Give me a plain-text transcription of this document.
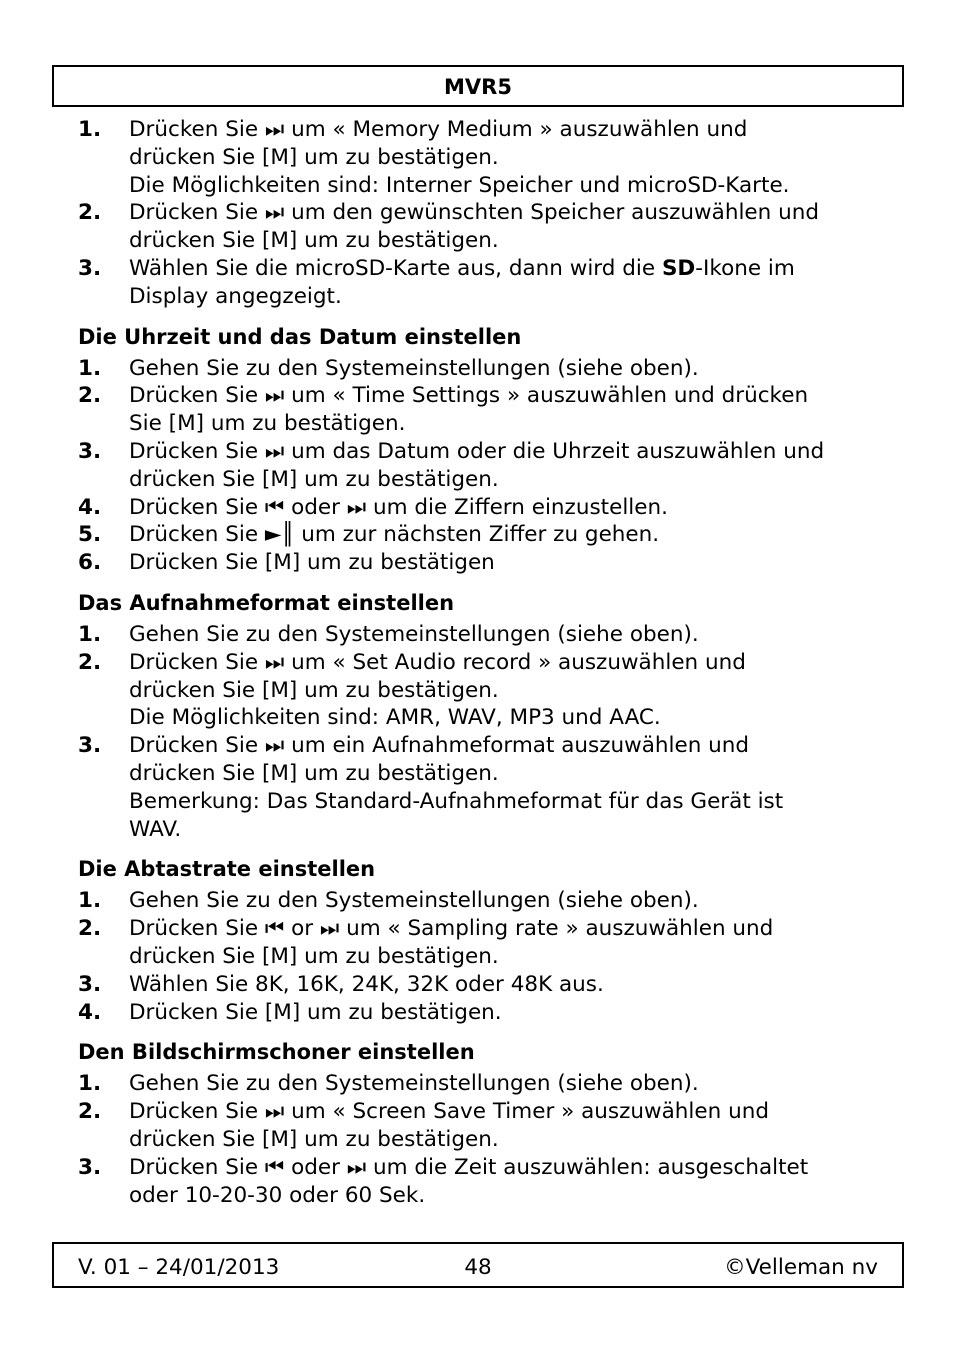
MVR5
1. Drücken Sie ⏭ um « Memory Medium » auszuwählen und
drücken Sie [M] um zu bestätigen.
Die Möglichkeiten sind: Interner Speicher und microSD-Karte.
2. Drücken Sie ⏭ um den gewünschten Speicher auszuwählen und
drücken Sie [M] um zu bestätigen.
3. Wählen Sie die microSD-Karte aus, dann wird die SD-Ikone im
Display angegzeigt.
Die Uhrzeit und das Datum einstellen
1. Gehen Sie zu den Systemeinstellungen (siehe oben).
2. Drücken Sie ⏭ um « Time Settings » auszuwählen und drücken
Sie [M] um zu bestätigen.
3. Drücken Sie ⏭ um das Datum oder die Uhrzeit auszuwählen und
drücken Sie [M] um zu bestätigen.
4. Drücken Sie ⏮ oder ⏭ um die Ziffern einzustellen.
5. Drücken Sie ►║ um zur nächsten Ziffer zu gehen.
6. Drücken Sie [M] um zu bestätigen
Das Aufnahmeformat einstellen
1. Gehen Sie zu den Systemeinstellungen (siehe oben).
2. Drücken Sie ⏭ um « Set Audio record » auszuwählen und
drücken Sie [M] um zu bestätigen.
Die Möglichkeiten sind: AMR, WAV, MP3 und AAC.
3. Drücken Sie ⏭ um ein Aufnahmeformat auszuwählen und
drücken Sie [M] um zu bestätigen.
Bemerkung: Das Standard-Aufnahmeformat für das Gerät ist
WAV.
Die Abtastrate einstellen
1. Gehen Sie zu den Systemeinstellungen (siehe oben).
2. Drücken Sie ⏮ or ⏭ um « Sampling rate » auszuwählen und
drücken Sie [M] um zu bestätigen.
3. Wählen Sie 8K, 16K, 24K, 32K oder 48K aus.
4. Drücken Sie [M] um zu bestätigen.
Den Bildschirmschoner einstellen
1. Gehen Sie zu den Systemeinstellungen (siehe oben).
2. Drücken Sie ⏭ um « Screen Save Timer » auszuwählen und
drücken Sie [M] um zu bestätigen.
3. Drücken Sie ⏮ oder ⏭ um die Zeit auszuwählen: ausgeschaltet
oder 10-20-30 oder 60 Sek.
V. 01 – 24/01/2013	48	©Velleman nv
